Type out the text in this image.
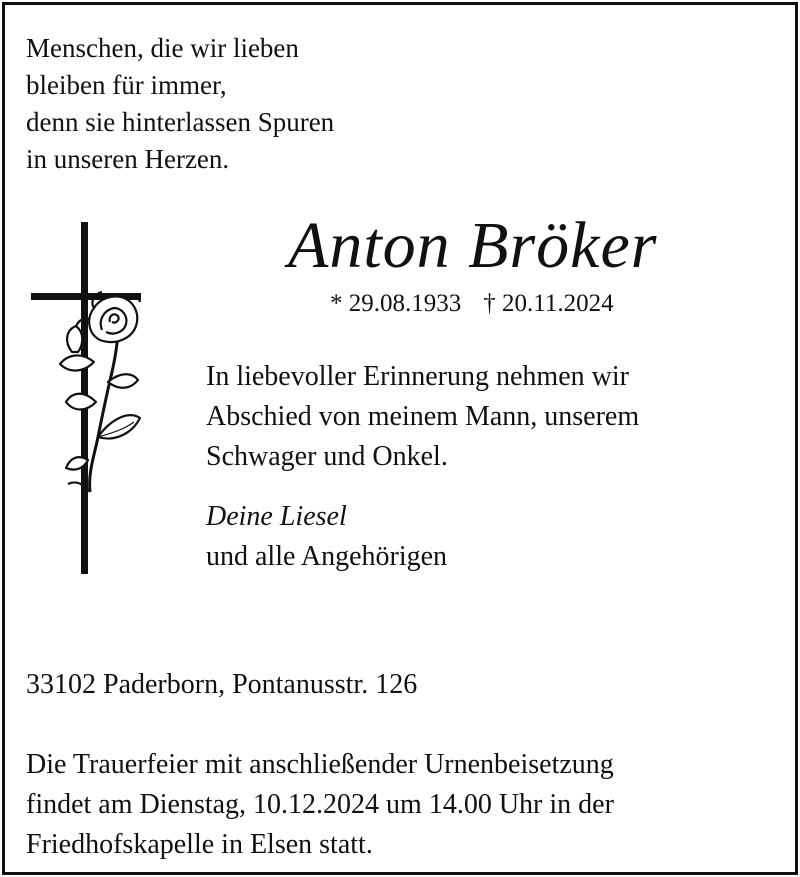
Menschen, die wir lieben
bleiben für immer,
denn sie hinterlassen Spuren
in unseren Herzen.
Anton Bröker
* 29.08.1933 † 20.11.2024
In liebevoller Erinnerung nehmen wir
Abschied von meinem Mann, unserem
Schwager und Onkel.
Deine Liesel
und alle Angehörigen
33102 Paderborn, Pontanusstr. 126
Die Trauerfeier mit anschließender Urnenbeisetzung
findet am Dienstag, 10.12.2024 um 14.00 Uhr in der
Friedhofskapelle in Elsen statt.
